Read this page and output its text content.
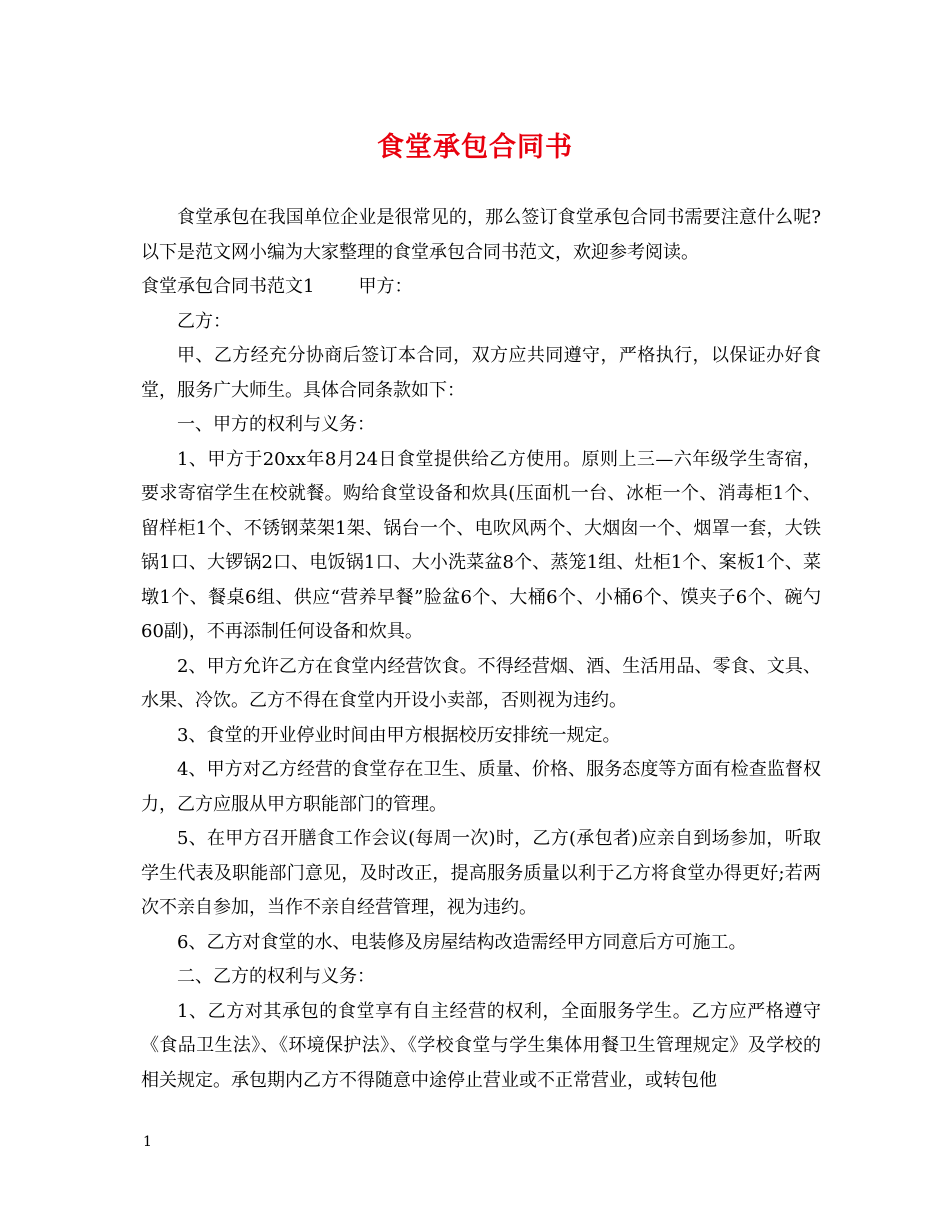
食堂承包合同书

食堂承包在我国单位企业是很常见的，那么签订食堂承包合同书需要注意什么呢?以下是范文网小编为大家整理的食堂承包合同书范文，欢迎参考阅读。

食堂承包合同书范文1 甲方：

乙方：

甲、乙方经充分协商后签订本合同，双方应共同遵守，严格执行，以保证办好食堂，服务广大师生。具体合同条款如下：

一、甲方的权利与义务：

1、甲方于20xx年8月24日食堂提供给乙方使用。原则上三—六年级学生寄宿，要求寄宿学生在校就餐。购给食堂设备和炊具(压面机一台、冰柜一个、消毒柜1个、留样柜1个、不锈钢菜架1架、锅台一个、电吹风两个、大烟囱一个、烟罩一套，大铁锅1口、大锣锅2口、电饭锅1口、大小洗菜盆8个、蒸笼1组、灶柜1个、案板1个、菜墩1个、餐桌6组、供应“营养早餐”脸盆6个、大桶6个、小桶6个、馍夹子6个、碗勺60副)，不再添制任何设备和炊具。

2、甲方允许乙方在食堂内经营饮食。不得经营烟、酒、生活用品、零食、文具、水果、冷饮。乙方不得在食堂内开设小卖部，否则视为违约。

3、食堂的开业停业时间由甲方根据校历安排统一规定。

4、甲方对乙方经营的食堂存在卫生、质量、价格、服务态度等方面有检查监督权力，乙方应服从甲方职能部门的管理。

5、在甲方召开膳食工作会议(每周一次)时，乙方(承包者)应亲自到场参加，听取学生代表及职能部门意见，及时改正，提高服务质量以利于乙方将食堂办得更好;若两次不亲自参加，当作不亲自经营管理，视为违约。

6、乙方对食堂的水、电装修及房屋结构改造需经甲方同意后方可施工。

二、乙方的权利与义务：

1、乙方对其承包的食堂享有自主经营的权利，全面服务学生。乙方应严格遵守《食品卫生法》、《环境保护法》、《学校食堂与学生集体用餐卫生管理规定》及学校的相关规定。承包期内乙方不得随意中途停止营业或不正常营业，或转包他

1
